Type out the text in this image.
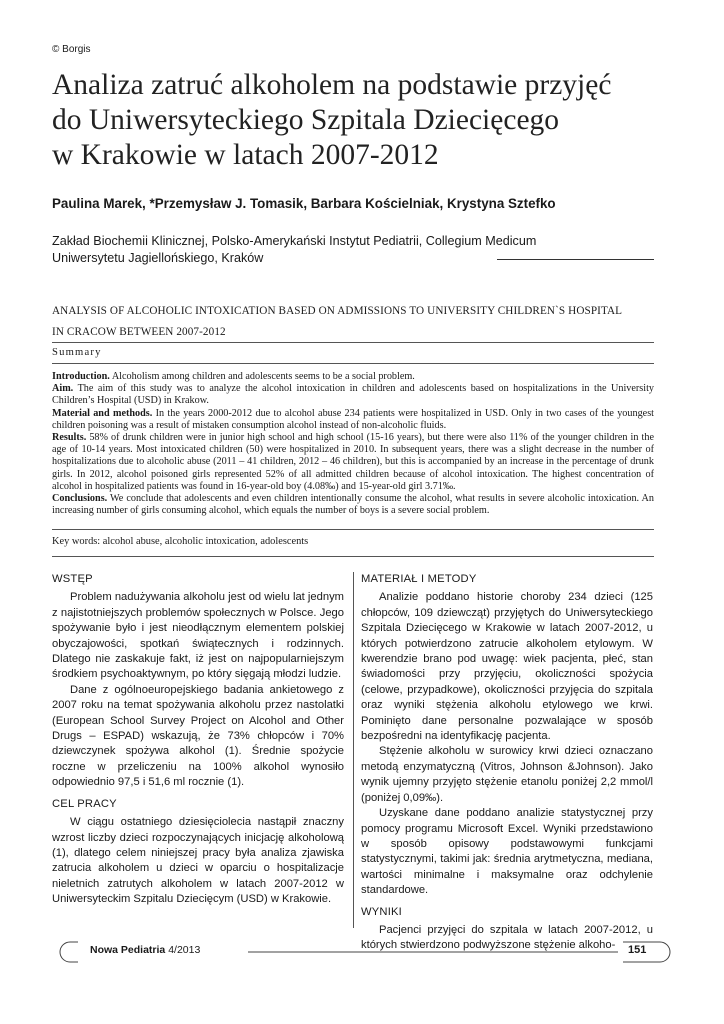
© Borgis
Analiza zatruć alkoholem na podstawie przyjęć
do Uniwersyteckiego Szpitala Dziecięcego
w Krakowie w latach 2007-2012
Paulina Marek, *Przemysław J. Tomasik, Barbara Kościelniak, Krystyna Sztefko
Zakład Biochemii Klinicznej, Polsko-Amerykański Instytut Pediatrii, Collegium Medicum
Uniwersytetu Jagiellońskiego, Kraków
ANALYSIS OF ALCOHOLIC INTOXICATION BASED ON ADMISSIONS TO UNIVERSITY CHILDREN`S HOSPITAL
IN CRACOW BETWEEN 2007-2012
Summary

Introduction. Alcoholism among children and adolescents seems to be a social problem.

Aim. The aim of this study was to analyze the alcohol intoxication in children and adolescents based on hospitalizations in the University Children’s Hospital (USD) in Krakow.

Material and methods. In the years 2000-2012 due to alcohol abuse 234 patients were hospitalized in USD. Only in two cases of the youngest children poisoning was a result of mistaken consumption alcohol instead of non-alcoholic fluids.

Results. 58% of drunk children were in junior high school and high school (15-16 years), but there were also 11% of the younger children in the age of 10-14 years. Most intoxicated children (50) were hospitalized in 2010. In subsequent years, there was a slight decrease in the number of hospitalizations due to alcoholic abuse (2011 – 41 children, 2012 – 46 children), but this is accompanied by an increase in the percentage of drunk girls. In 2012, alcohol poisoned girls represented 52% of all admitted children because of alcohol intoxication. The highest concentration of alcohol in hospitalized patients was found in 16-year-old boy (4.08‰) and 15-year-old girl 3.71‰.

Conclusions. We conclude that adolescents and even children intentionally consume the alcohol, what results in severe alcoholic intoxication. An increasing number of girls consuming alcohol, which equals the number of boys is a severe social problem.

Key words: alcohol abuse, alcoholic intoxication, adolescents
WSTĘP

Problem nadużywania alkoholu jest od wielu lat jednym z najistotniejszych problemów społecznych w Polsce. Jego spożywanie było i jest nieodłącznym elementem polskiej obyczajowości, spotkań świątecznych i rodzinnych. Dlatego nie zaskakuje fakt, iż jest on najpopularniejszym środkiem psychoaktywnym, po który sięgają młodzi ludzie.

Dane z ogólnoeuropejskiego badania ankietowego z 2007 roku na temat spożywania alkoholu przez nastolatki (European School Survey Project on Alcohol and Other Drugs – ESPAD) wskazują, że 73% chłopców i 70% dziewczynek spożywa alkohol (1). Średnie spożycie roczne w przeliczeniu na 100% alkohol wynosiło odpowiednio 97,5 i 51,6 ml rocznie (1).

CEL PRACY

W ciągu ostatniego dziesięciolecia nastąpił znaczny wzrost liczby dzieci rozpoczynających inicjację alkoholową (1), dlatego celem niniejszej pracy była analiza zjawiska zatrucia alkoholem u dzieci w oparciu o hospitalizacje nieletnich zatrutych alkoholem w latach 2007-2012 w Uniwersyteckim Szpitalu Dziecięcym (USD) w Krakowie.

MATERIAŁ I METODY

Analizie poddano historie choroby 234 dzieci (125 chłopców, 109 dziewcząt) przyjętych do Uniwersyteckiego Szpitala Dziecięcego w Krakowie w latach 2007-2012, u których potwierdzono zatrucie alkoholem etylowym. W kwerendzie brano pod uwagę: wiek pacjenta, płeć, stan świadomości przy przyjęciu, okoliczności spożycia (celowe, przypadkowe), okoliczności przyjęcia do szpitala oraz wyniki stężenia alkoholu etylowego we krwi. Pominięto dane personalne pozwalające w sposób bezpośredni na identyfikację pacjenta.

Stężenie alkoholu w surowicy krwi dzieci oznaczano metodą enzymatyczną (Vitros, Johnson &Johnson). Jako wynik ujemny przyjęto stężenie etanolu poniżej 2,2 mmol/l (poniżej 0,09‰).

Uzyskane dane poddano analizie statystycznej przy pomocy programu Microsoft Excel. Wyniki przedstawiono w sposób opisowy podstawowymi funkcjami statystycznymi, takimi jak: średnia arytmetyczna, mediana, wartości minimalne i maksymalne oraz odchylenie standardowe.

WYNIKI

Pacjenci przyjęci do szpitala w latach 2007-2012, u których stwierdzono podwyższone stężenie alkoho-

Nowa Pediatria 4/2013	151
